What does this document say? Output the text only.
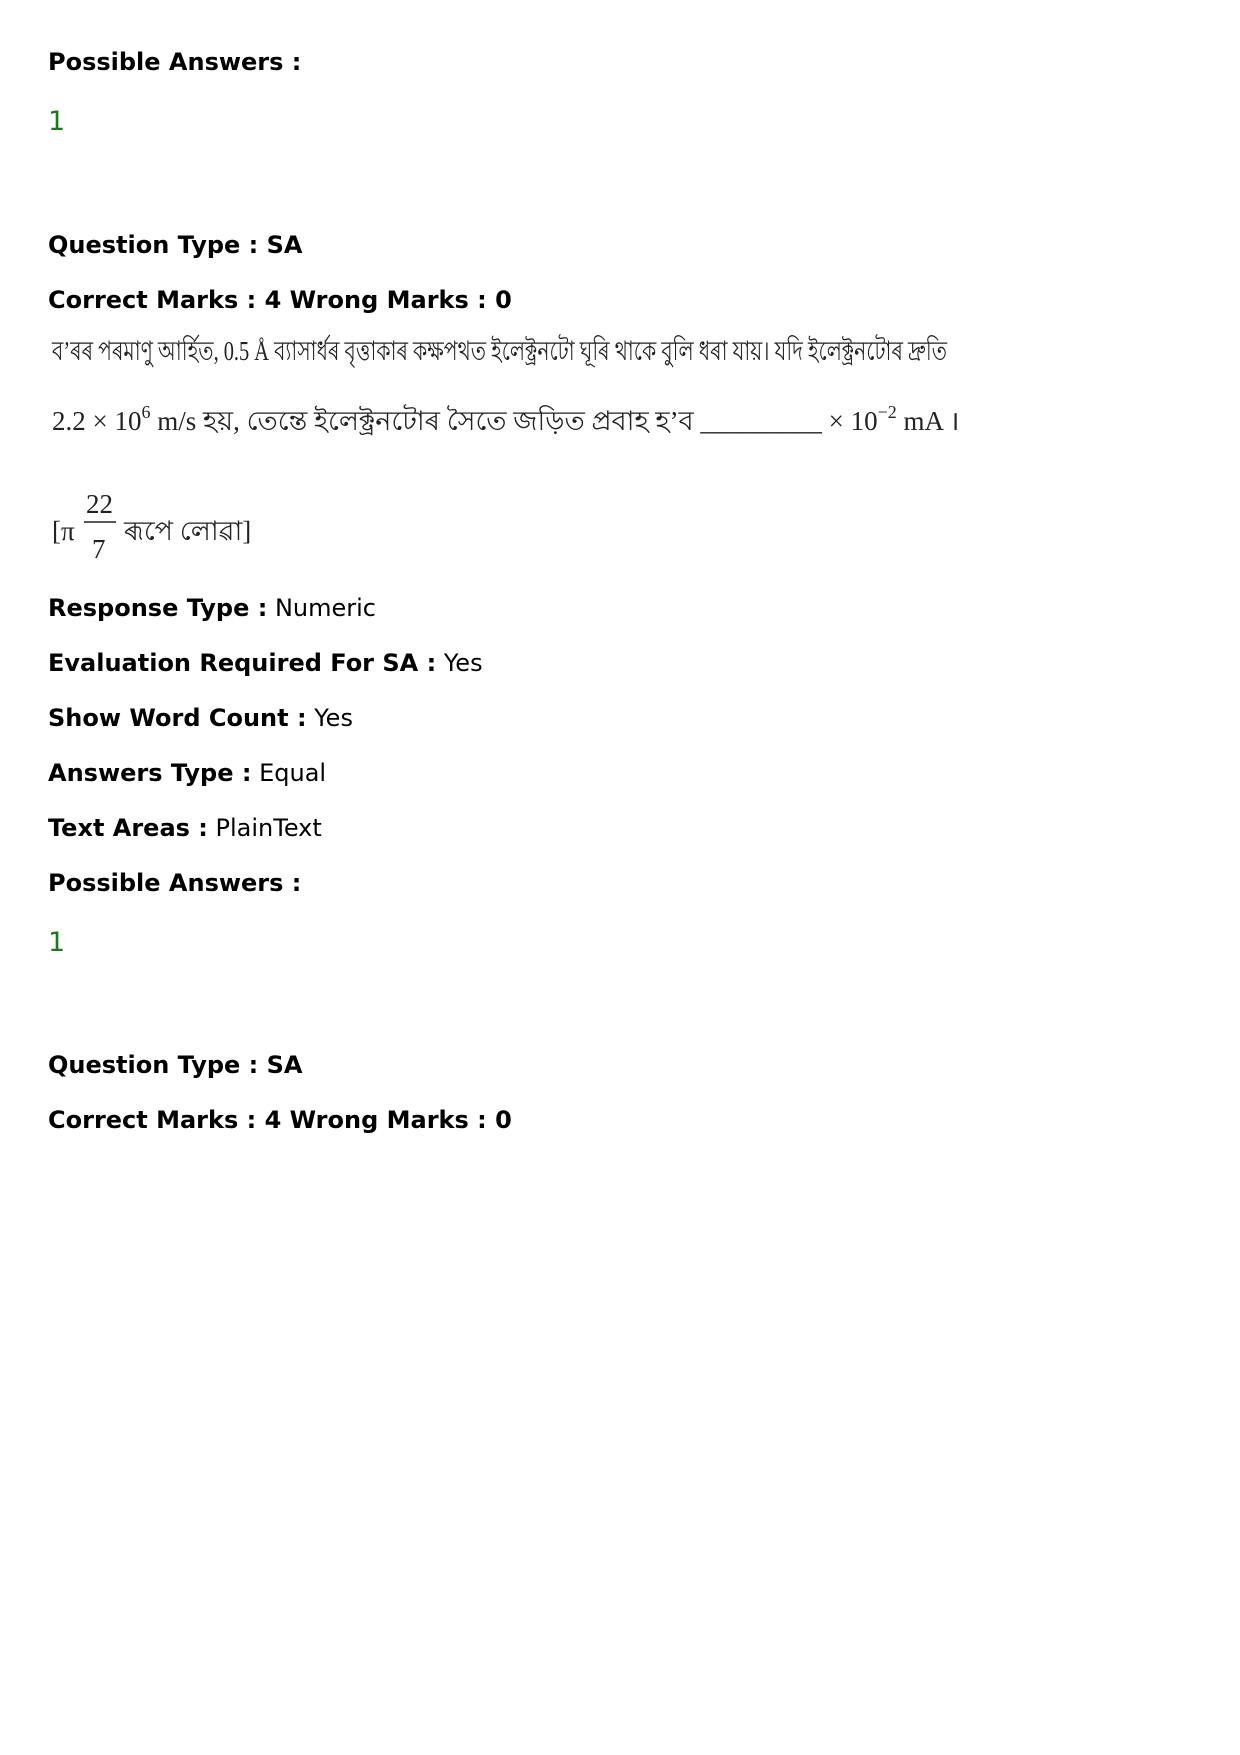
Possible Answers :
1
Question Type : SA
Correct Marks : 4 Wrong Marks : 0
ব’ৰৰ পৰমাণু আৰ্হিত, 0.5 Å ব্যাসাৰ্ধৰ বৃত্তাকাৰ কক্ষপথত ইলেক্ট্ৰনটো ঘূৰি থাকে বুলি ধৰা যায়। যদি ইলেক্ট্ৰনটোৰ দ্ৰুতি
$2.2 \times 10^6$ m/s হয়, তেন্তে ইলেক্ট্ৰনটোৰ সৈতে জড়িত প্ৰবাহ হ’ব _________ × $10^{-2}$ mA ।
[π
22
7
ৰূপে লোৱা]
Response Type : Numeric
Evaluation Required For SA : Yes
Show Word Count : Yes
Answers Type : Equal
Text Areas : PlainText
Possible Answers :
1
Question Type : SA
Correct Marks : 4 Wrong Marks : 0
